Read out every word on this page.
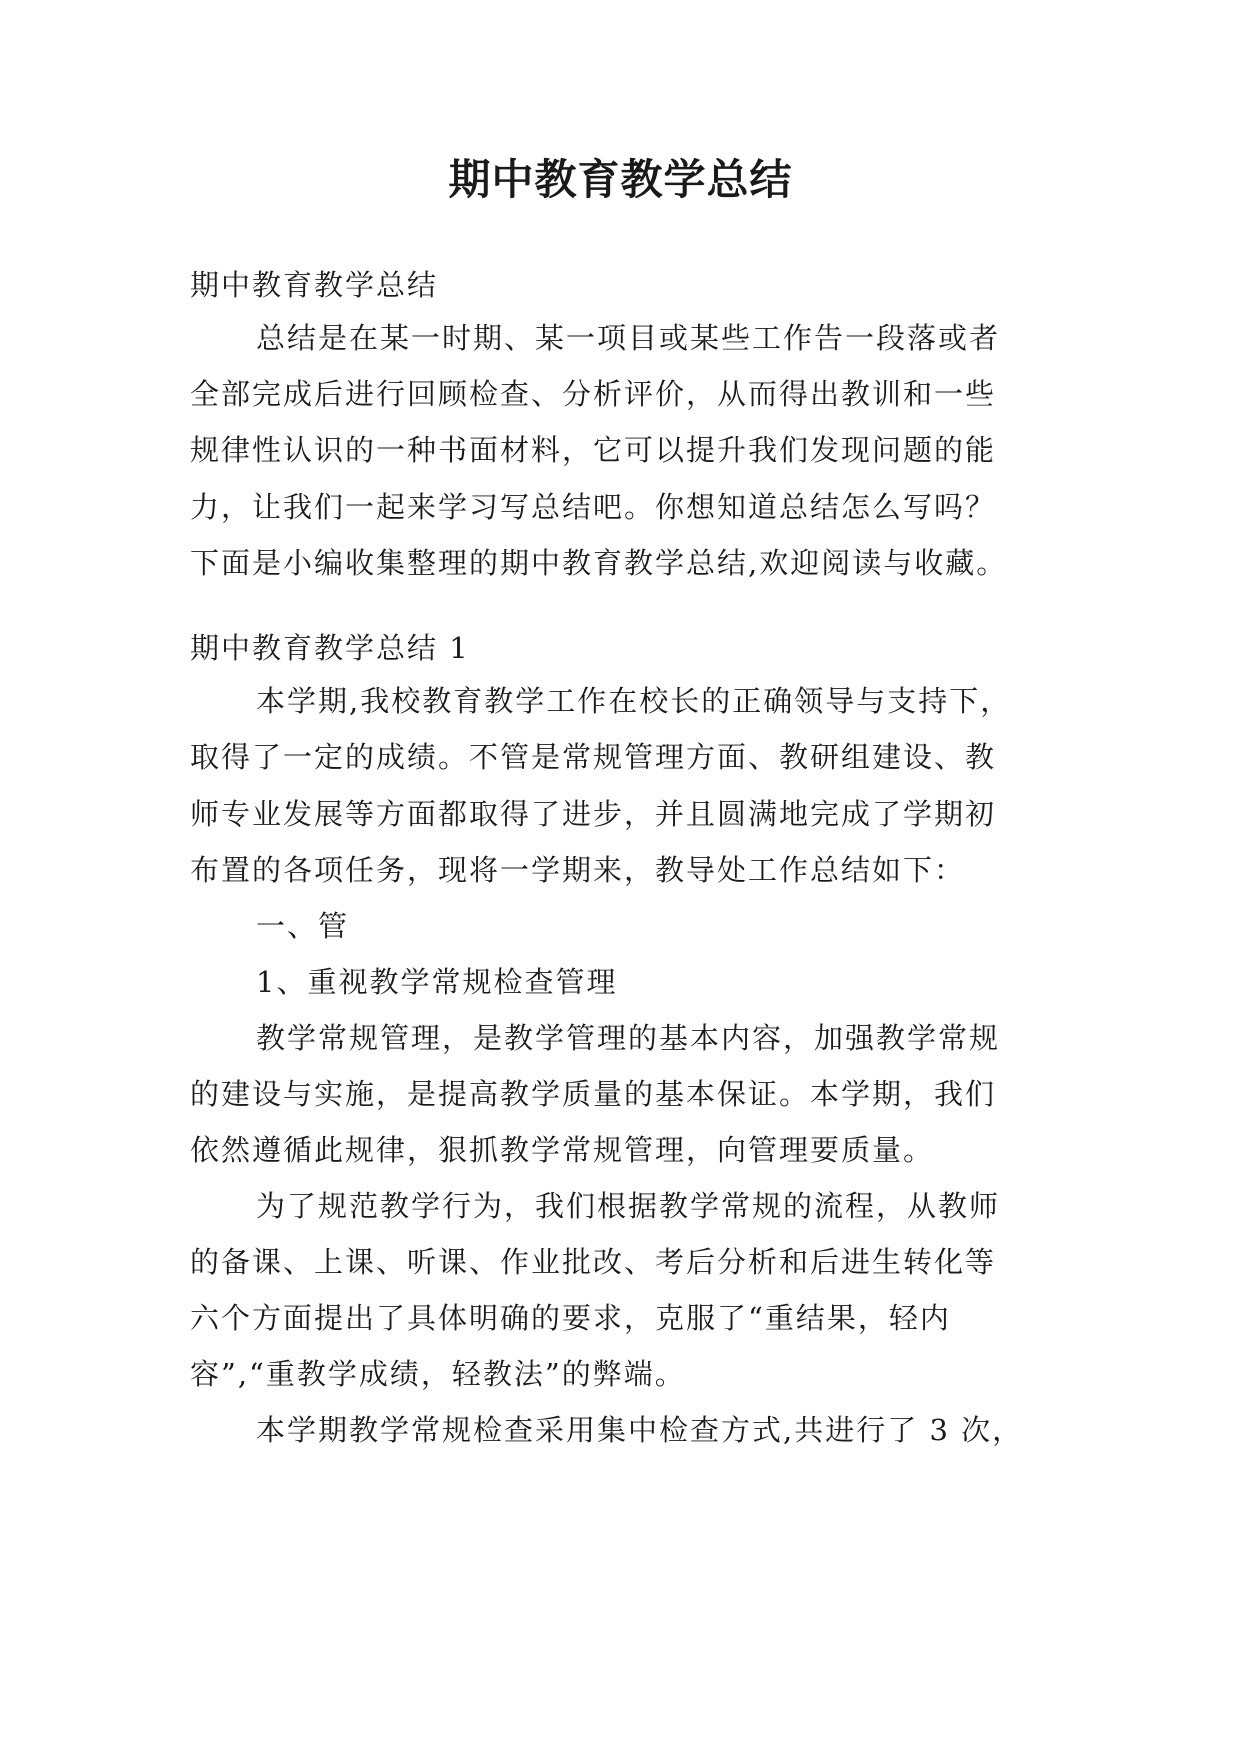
期中教育教学总结

期中教育教学总结

总结是在某一时期、某一项目或某些工作告一段落或者

全部完成后进行回顾检查、分析评价，从而得出教训和一些

规律性认识的一种书面材料，它可以提升我们发现问题的能

力，让我们一起来学习写总结吧。你想知道总结怎么写吗？

下面是小编收集整理的期中教育教学总结,欢迎阅读与收藏。

期中教育教学总结 1

本学期,我校教育教学工作在校长的正确领导与支持下，

取得了一定的成绩。不管是常规管理方面、教研组建设、教

师专业发展等方面都取得了进步，并且圆满地完成了学期初

布置的各项任务，现将一学期来，教导处工作总结如下：

一、管

1、重视教学常规检查管理

教学常规管理，是教学管理的基本内容，加强教学常规

的建设与实施，是提高教学质量的基本保证。本学期，我们

依然遵循此规律，狠抓教学常规管理，向管理要质量。

为了规范教学行为，我们根据教学常规的流程，从教师

的备课、上课、听课、作业批改、考后分析和后进生转化等

六个方面提出了具体明确的要求，克服了“重结果，轻内

容”,“重教学成绩，轻教法”的弊端。

本学期教学常规检查采用集中检查方式,共进行了 3 次，
